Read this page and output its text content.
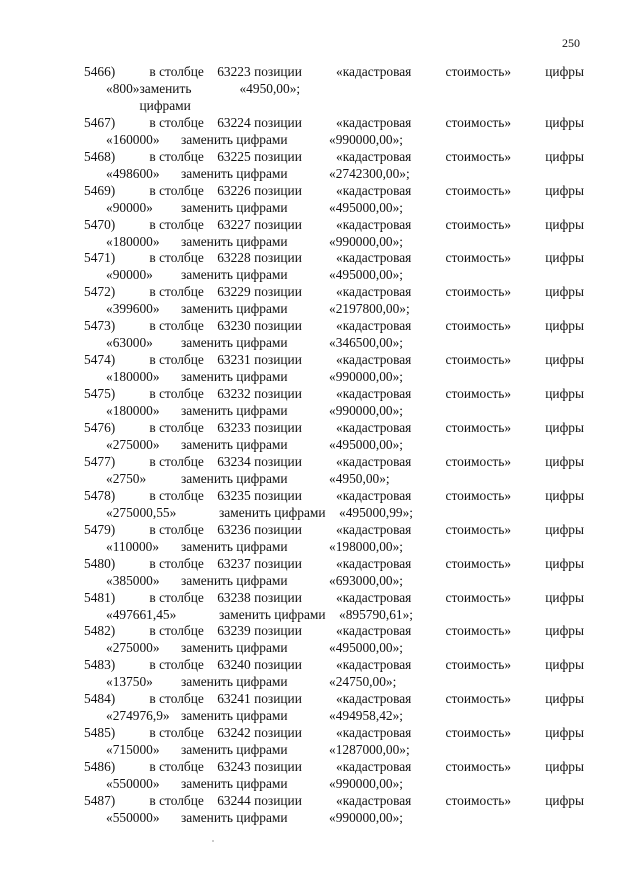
250
5466)	в столбце 63223 позиции	«кадастровая	стоимость»	цифры
«800» заменить цифрами
«4950,00»;
5467)	в столбце 63224 позиции	«кадастровая	стоимость»	цифры
«160000»	заменить цифрами	«990000,00»;
5468)	в столбце 63225 позиции	«кадастровая	стоимость»	цифры
«498600»	заменить цифрами	«2742300,00»;
5469)	в столбце 63226 позиции	«кадастровая	стоимость»	цифры
«90000»	заменить цифрами	«495000,00»;
5470)	в столбце 63227 позиции	«кадастровая	стоимость»	цифры
«180000»	заменить цифрами	«990000,00»;
5471)	в столбце 63228 позиции	«кадастровая	стоимость»	цифры
«90000»	заменить цифрами	«495000,00»;
5472)	в столбце 63229 позиции	«кадастровая	стоимость»	цифры
«399600»	заменить цифрами	«2197800,00»;
5473)	в столбце 63230 позиции	«кадастровая	стоимость»	цифры
«63000»	заменить цифрами	«346500,00»;
5474)	в столбце 63231 позиции	«кадастровая	стоимость»	цифры
«180000»	заменить цифрами	«990000,00»;
5475)	в столбце 63232 позиции	«кадастровая	стоимость»	цифры
«180000»	заменить цифрами	«990000,00»;
5476)	в столбце 63233 позиции	«кадастровая	стоимость»	цифры
«275000»	заменить цифрами	«495000,00»;
5477)	в столбце 63234 позиции	«кадастровая	стоимость»	цифры
«2750»	заменить цифрами	«4950,00»;
5478)	в столбце 63235 позиции	«кадастровая	стоимость»	цифры
«275000,55»	заменить цифрами	«495000,99»;
5479)	в столбце 63236 позиции	«кадастровая	стоимость»	цифры
«110000»	заменить цифрами	«198000,00»;
5480)	в столбце 63237 позиции	«кадастровая	стоимость»	цифры
«385000»	заменить цифрами	«693000,00»;
5481)	в столбце 63238 позиции	«кадастровая	стоимость»	цифры
«497661,45»	заменить цифрами	«895790,61»;
5482)	в столбце 63239 позиции	«кадастровая	стоимость»	цифры
«275000»	заменить цифрами	«495000,00»;
5483)	в столбце 63240 позиции	«кадастровая	стоимость»	цифры
«13750»	заменить цифрами	«24750,00»;
5484)	в столбце 63241 позиции	«кадастровая	стоимость»	цифры
«274976,9» заменить цифрами	«494958,42»;
5485)	в столбце 63242 позиции	«кадастровая	стоимость»	цифры
«715000»	заменить цифрами	«1287000,00»;
5486)	в столбце 63243 позиции	«кадастровая	стоимость»	цифры
«550000»	заменить цифрами	«990000,00»;
5487)	в столбце 63244 позиции	«кадастровая	стоимость»	цифры
«550000»	заменить цифрами	«990000,00»;
